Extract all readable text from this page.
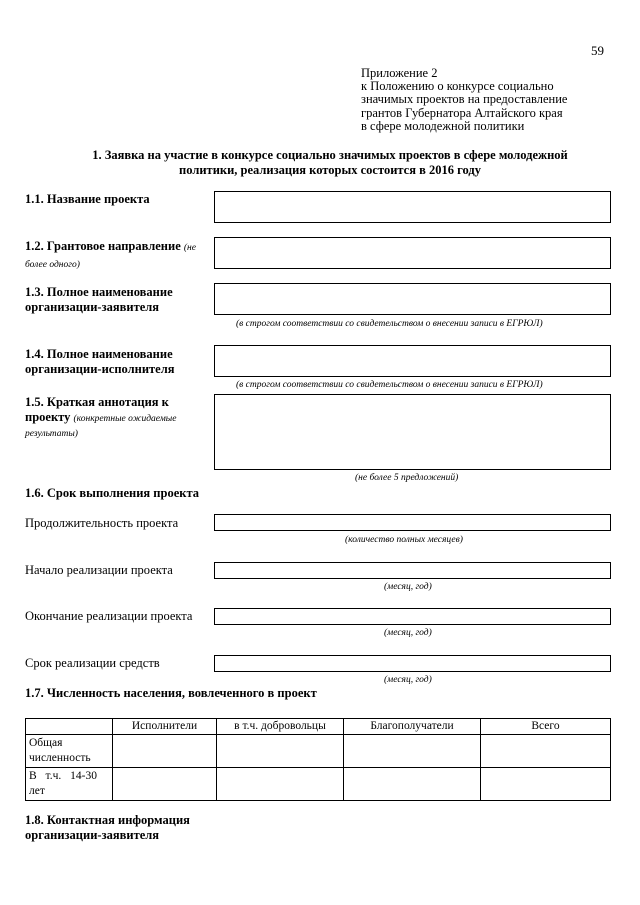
59
Приложение 2
к Положению о конкурсе социально
значимых проектов на предоставление
грантов Губернатора Алтайского края
в сфере молодежной политики
1. Заявка на участие в конкурсе социально значимых проектов в сфере молодежной
политики, реализация которых состоится в 2016 году
1.1. Название проекта
1.2. Грантовое направление (не
более одного)
1.3. Полное наименование
организации-заявителя
(в строгом соответствии со свидетельством о внесении записи в ЕГРЮЛ)
1.4. Полное наименование
организации-исполнителя
(в строгом соответствии со свидетельством о внесении записи в ЕГРЮЛ)
1.5. Краткая аннотация к
проекту (конкретные ожидаемые
результаты)
(не более 5 предложений)
1.6. Срок выполнения проекта
Продолжительность проекта
(количество полных месяцев)
Начало реализации проекта
(месяц, год)
Окончание реализации проекта
(месяц, год)
Срок реализации средств
(месяц, год)
1.7. Численность населения, вовлеченного в проект
	Исполнители	в т.ч. добровольцы	Благополучатели	Всего

Общая
численность				

В т.ч. 14-30
лет				

1.8. Контактная информация
организации-заявителя
